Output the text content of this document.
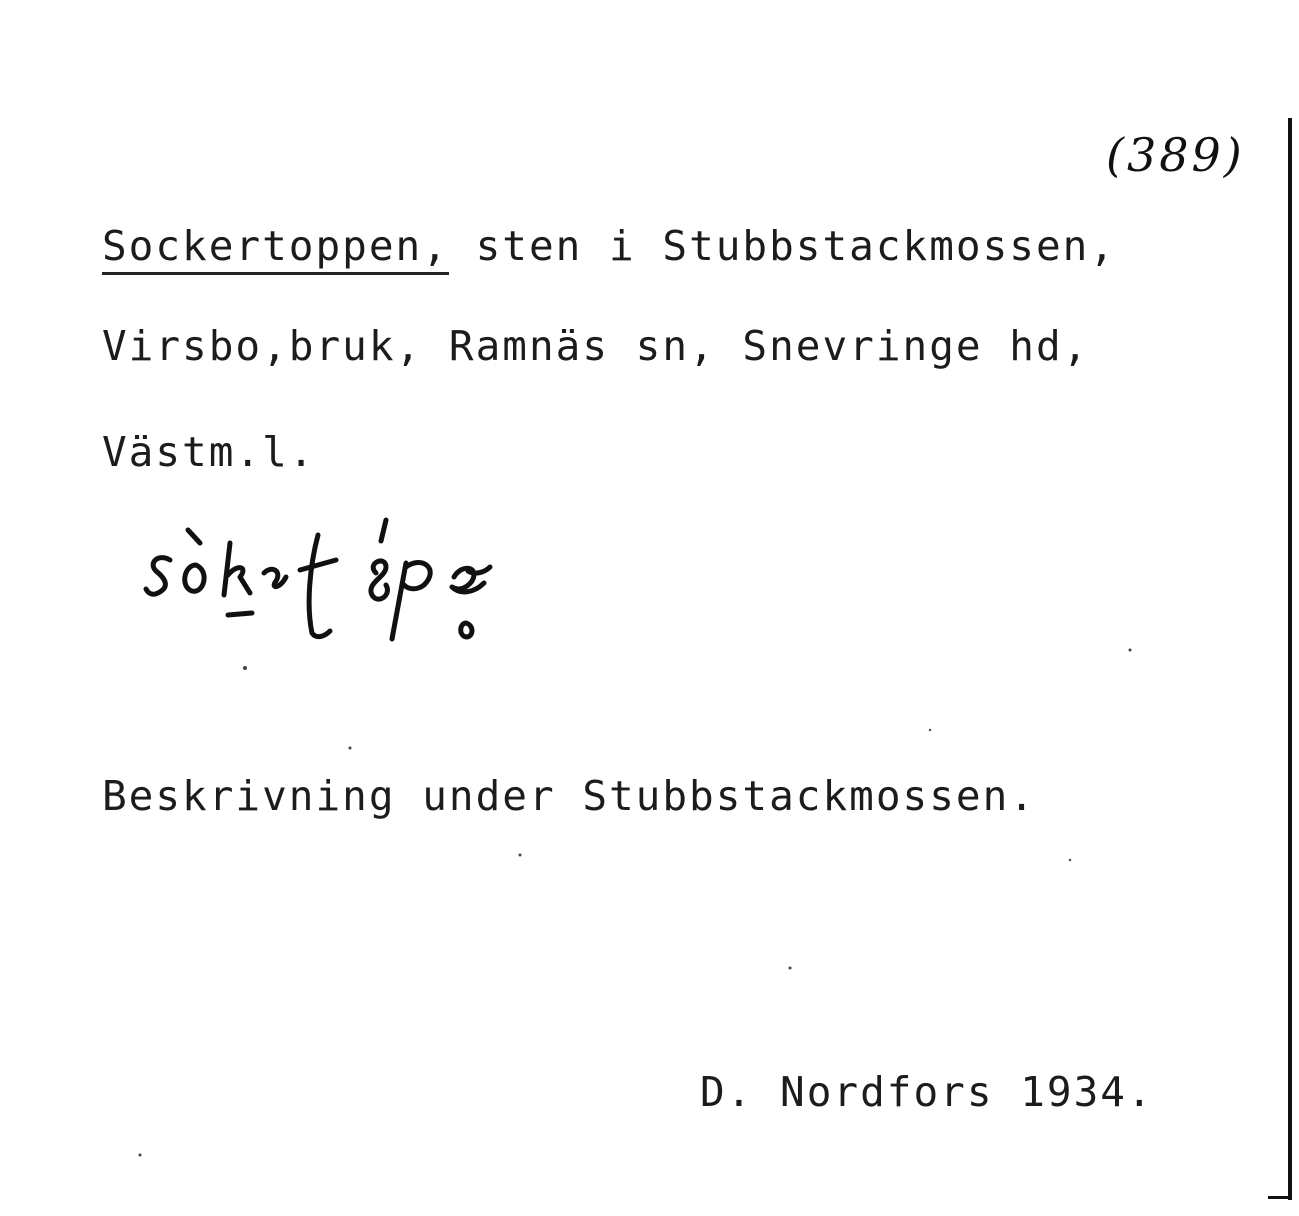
(389)
Sockertoppen, sten i Stubbstackmossen,
Virsbo,bruk, Ramnäs sn, Snevringe hd,
Västm.l.
Beskrivning under Stubbstackmossen.
D. Nordfors 1934.
